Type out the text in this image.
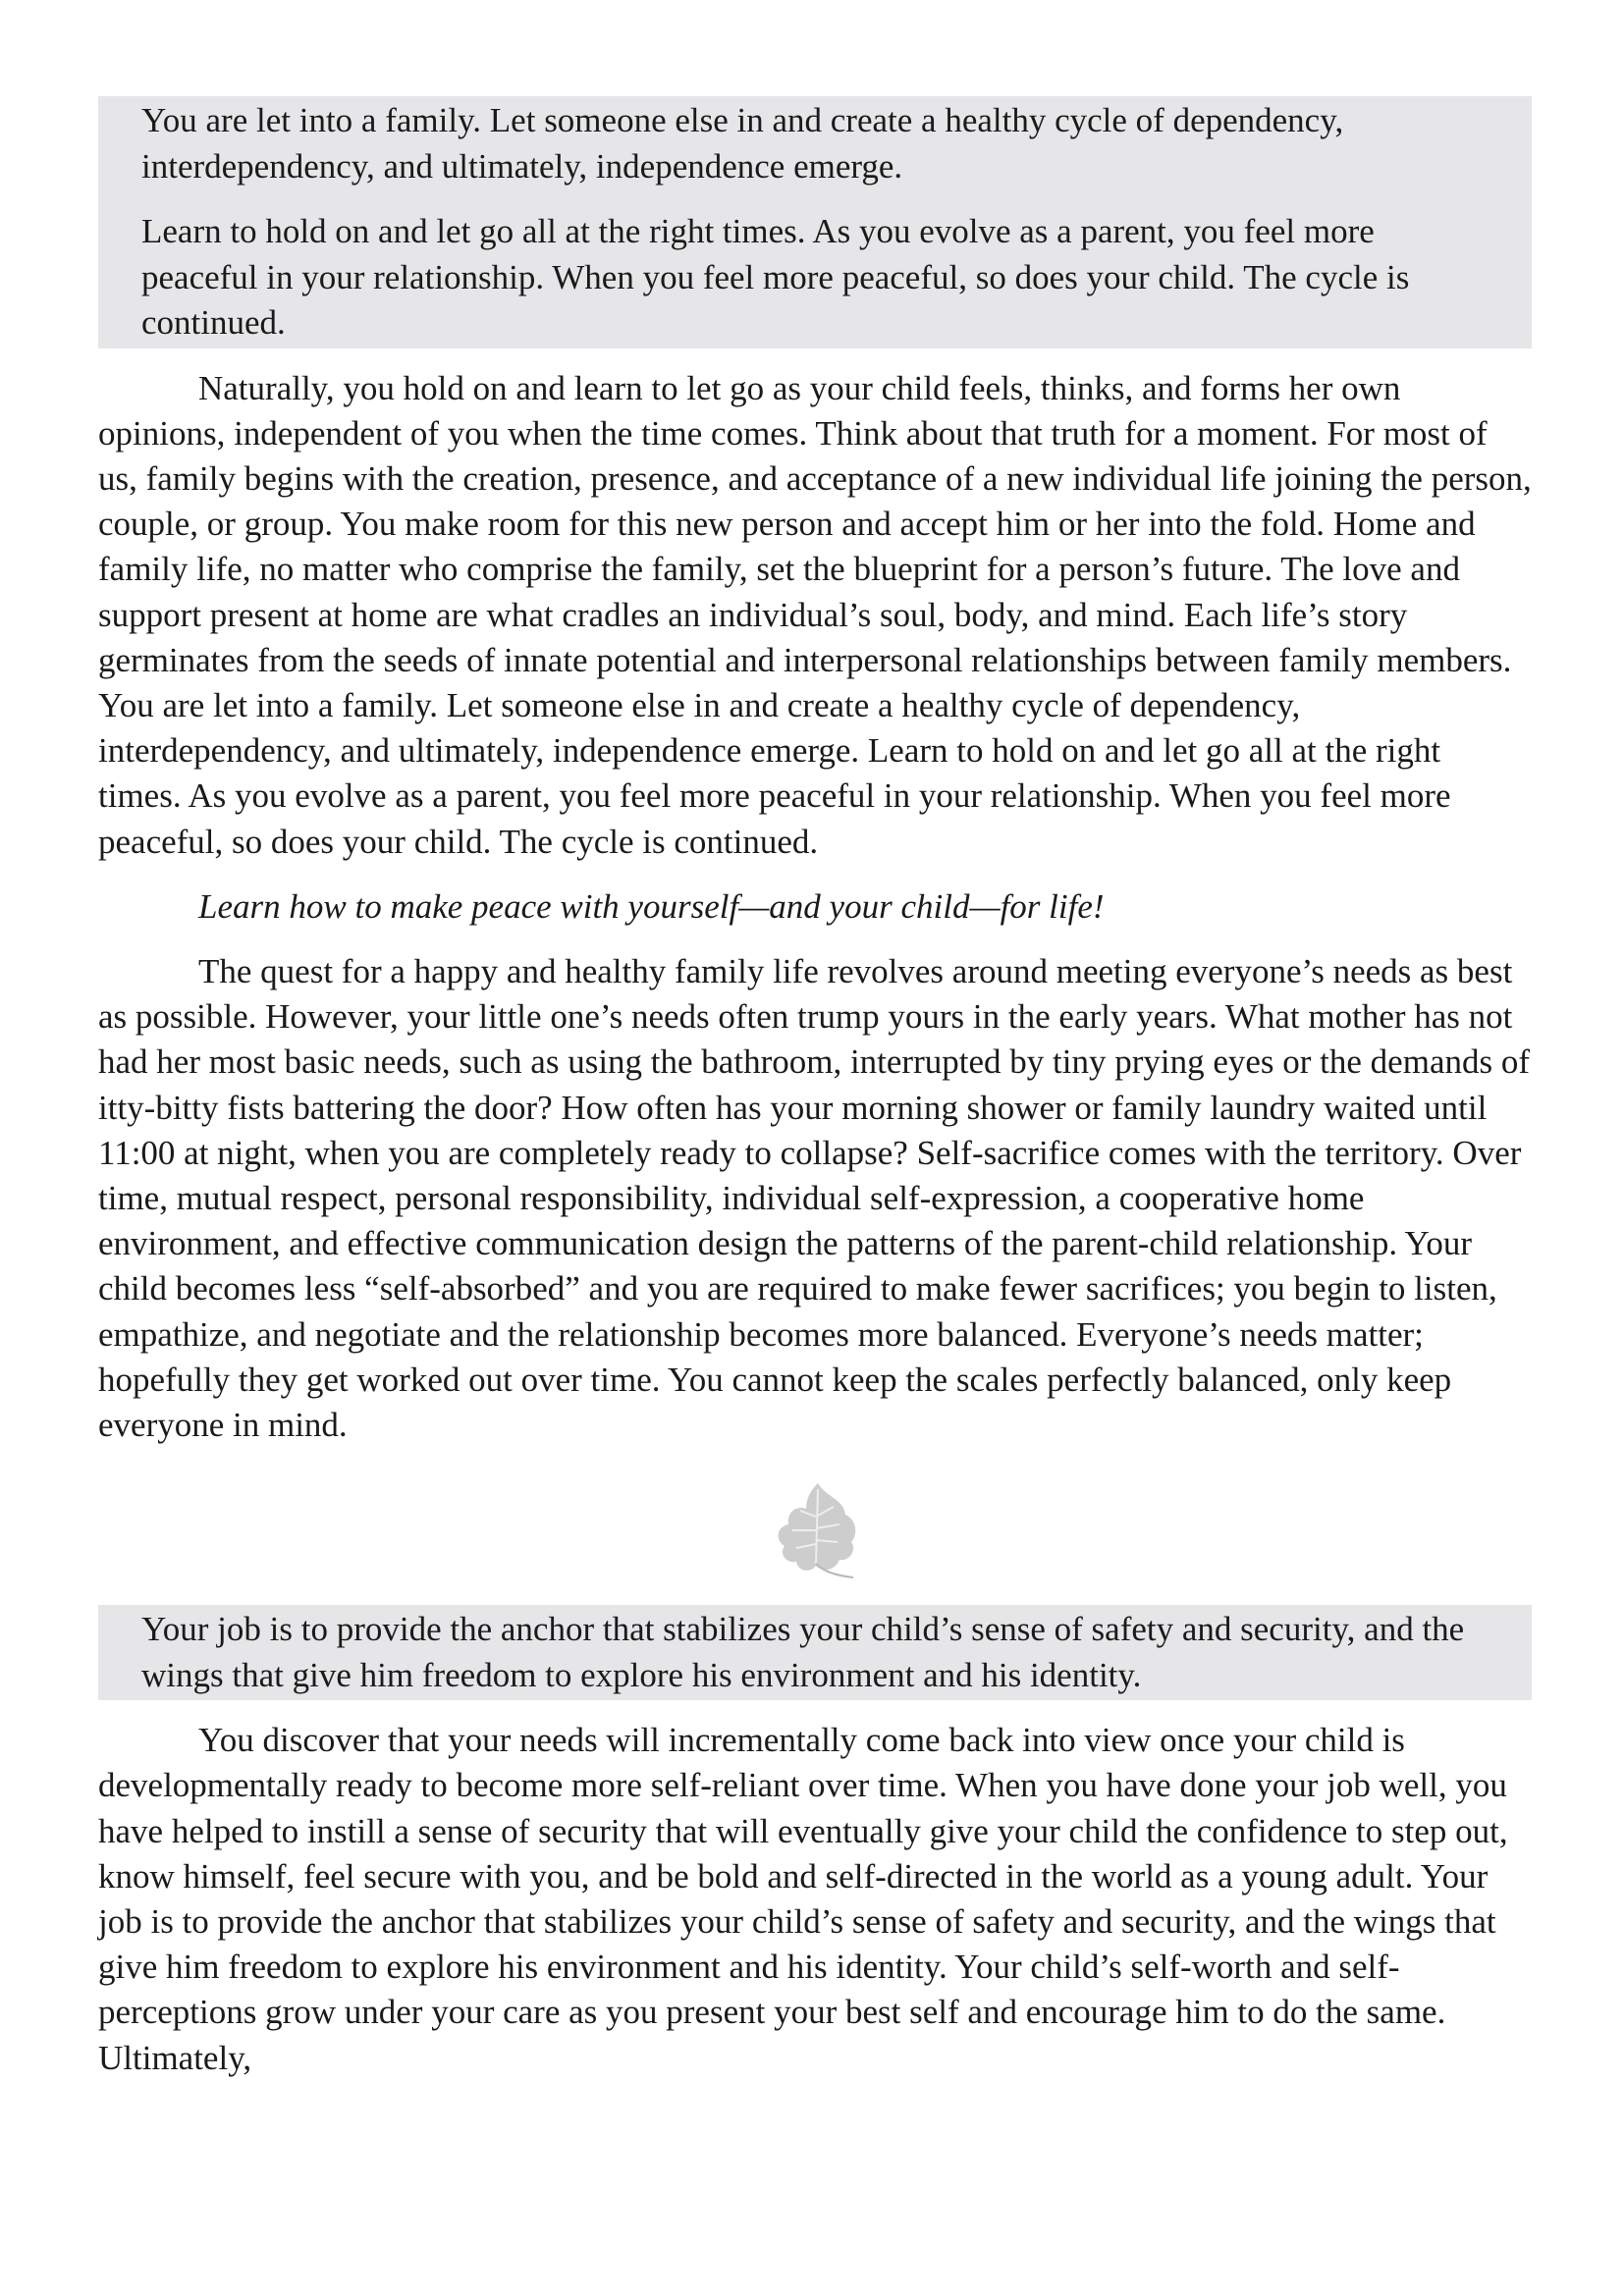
You are let into a family. Let someone else in and create a healthy cycle of dependency, interdependency, and ultimately, independence emerge.

Learn to hold on and let go all at the right times. As you evolve as a parent, you feel more peaceful in your relationship. When you feel more peaceful, so does your child. The cycle is continued.

Naturally, you hold on and learn to let go as your child feels, thinks, and forms her own opinions, independent of you when the time comes. Think about that truth for a moment. For most of us, family begins with the creation, presence, and acceptance of a new individual life joining the person, couple, or group. You make room for this new person and accept him or her into the fold. Home and family life, no matter who comprise the family, set the blueprint for a person’s future. The love and support present at home are what cradles an individual’s soul, body, and mind. Each life’s story germinates from the seeds of innate potential and interpersonal relationships between family members. You are let into a family. Let someone else in and create a healthy cycle of dependency, interdependency, and ultimately, independence emerge. Learn to hold on and let go all at the right times. As you evolve as a parent, you feel more peaceful in your relationship. When you feel more peaceful, so does your child. The cycle is continued.

Learn how to make peace with yourself—and your child—for life!

The quest for a happy and healthy family life revolves around meeting everyone’s needs as best as possible. However, your little one’s needs often trump yours in the early years. What mother has not had her most basic needs, such as using the bathroom, interrupted by tiny prying eyes or the demands of itty-bitty fists battering the door? How often has your morning shower or family laundry waited until 11:00 at night, when you are completely ready to collapse? Self-sacrifice comes with the territory. Over time, mutual respect, personal responsibility, individual self-expression, a cooperative home environment, and effective communication design the patterns of the parent-child relationship. Your child becomes less “self-absorbed” and you are required to make fewer sacrifices; you begin to listen, empathize, and negotiate and the relationship becomes more balanced. Everyone’s needs matter; hopefully they get worked out over time. You cannot keep the scales perfectly balanced, only keep everyone in mind.

Your job is to provide the anchor that stabilizes your child’s sense of safety and security, and the wings that give him freedom to explore his environment and his identity.

You discover that your needs will incrementally come back into view once your child is developmentally ready to become more self-reliant over time. When you have done your job well, you have helped to instill a sense of security that will eventually give your child the confidence to step out, know himself, feel secure with you, and be bold and self-directed in the world as a young adult. Your job is to provide the anchor that stabilizes your child’s sense of safety and security, and the wings that give him freedom to explore his environment and his identity. Your child’s self-worth and self-perceptions grow under your care as you present your best self and encourage him to do the same. Ultimately,
